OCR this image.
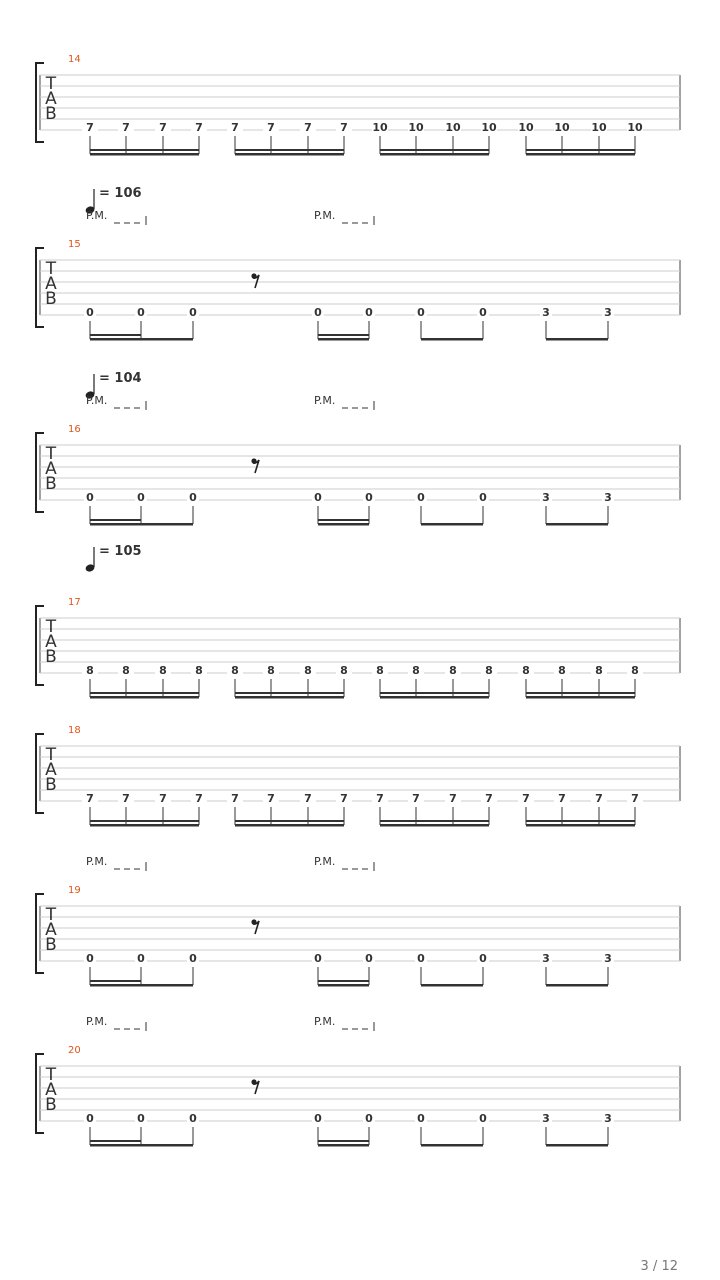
T
A
B
14
7	7	7	7	7	7	7	7 10 10 10 10 10 10 10 10
T
A
B
15
= 106
P.M.	P.M.
0	0	0	0	0	0	0	3	3
T
A
B
16
= 104
P.M.	P.M.
0	0	0	0	0	0	0	3	3
T
A
B
17
= 105
8	8	8	8	8	8	8	8	8	8	8	8	8	8	8	8
T
A
B
18
7	7	7	7	7	7	7	7	7	7	7	7	7	7	7	7
T
A
B
19
P.M.	P.M.
0	0	0	0	0	0	0	3	3
T
A
B
20
P.M.	P.M.
0	0	0	0	0	0	0	3	3
3 / 12
